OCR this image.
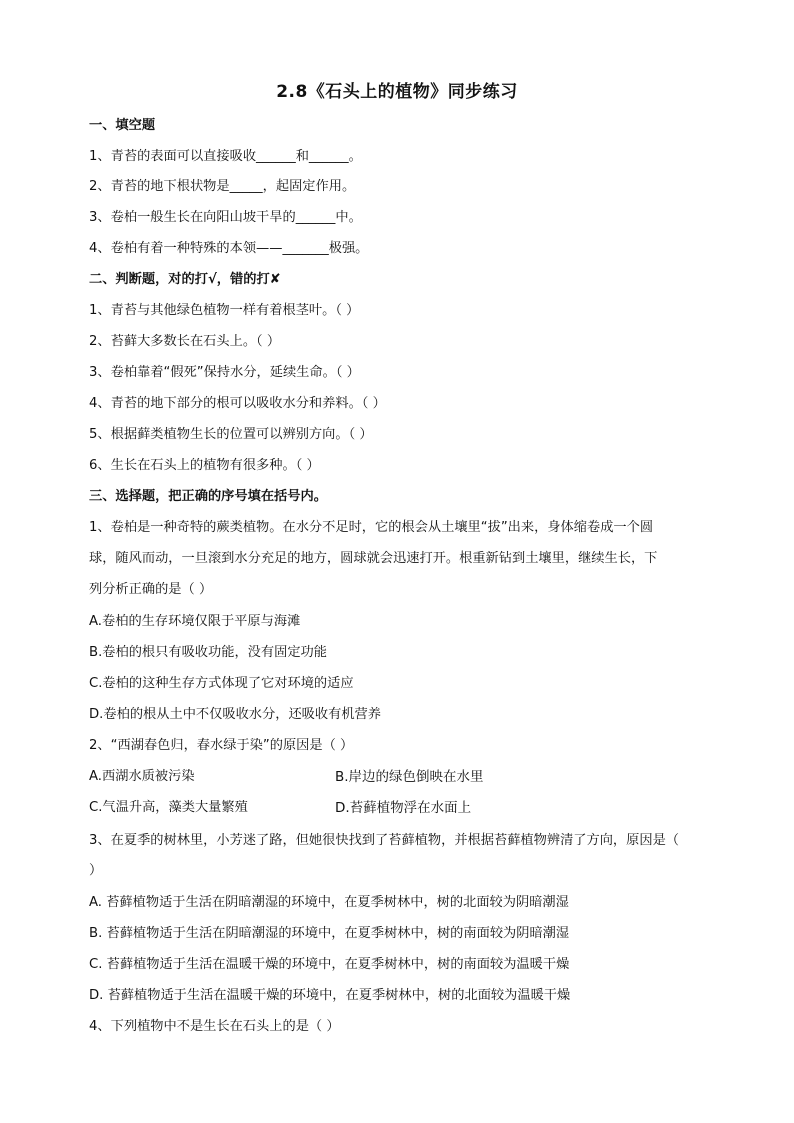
2.8《石头上的植物》同步练习
一、填空题
1、青苔的表面可以直接吸收______和______。
2、青苔的地下根状物是_____，起固定作用。
3、卷柏一般生长在向阳山坡干旱的______中。
4、卷柏有着一种特殊的本领——_______极强。
二、判断题，对的打√，错的打✘
1、青苔与其他绿色植物一样有着根茎叶。（ ）
2、苔藓大多数长在石头上。（ ）
3、卷柏靠着“假死”保持水分，延续生命。（ ）
4、青苔的地下部分的根可以吸收水分和养料。（ ）
5、根据藓类植物生长的位置可以辨别方向。（ ）
6、生长在石头上的植物有很多种。（ ）
三、选择题，把正确的序号填在括号内。
1、卷柏是一种奇特的蕨类植物。在水分不足时，它的根会从土壤里“拔”出来，身体缩卷成一个圆
球，随风而动，一旦滚到水分充足的地方，圆球就会迅速打开。根重新钻到土壤里，继续生长，下
列分析正确的是（ ）
A.卷柏的生存环境仅限于平原与海滩
B.卷柏的根只有吸收功能，没有固定功能
C.卷柏的这种生存方式体现了它对环境的适应
D.卷柏的根从土中不仅吸收水分，还吸收有机营养
2、“西湖春色归，春水绿于染”的原因是（ ）
A.西湖水质被污染	B.岸边的绿色倒映在水里
C.气温升高，藻类大量繁殖	D.苔藓植物浮在水面上
3、在夏季的树林里，小芳迷了路，但她很快找到了苔藓植物，并根据苔藓植物辨清了方向，原因是（
）
A. 苔藓植物适于生活在阴暗潮湿的环境中，在夏季树林中，树的北面较为阴暗潮湿
B. 苔藓植物适于生活在阴暗潮湿的环境中，在夏季树林中，树的南面较为阴暗潮湿
C. 苔藓植物适于生活在温暖干燥的环境中，在夏季树林中，树的南面较为温暖干燥
D. 苔藓植物适于生活在温暖干燥的环境中，在夏季树林中，树的北面较为温暖干燥
4、下列植物中不是生长在石头上的是（ ）
